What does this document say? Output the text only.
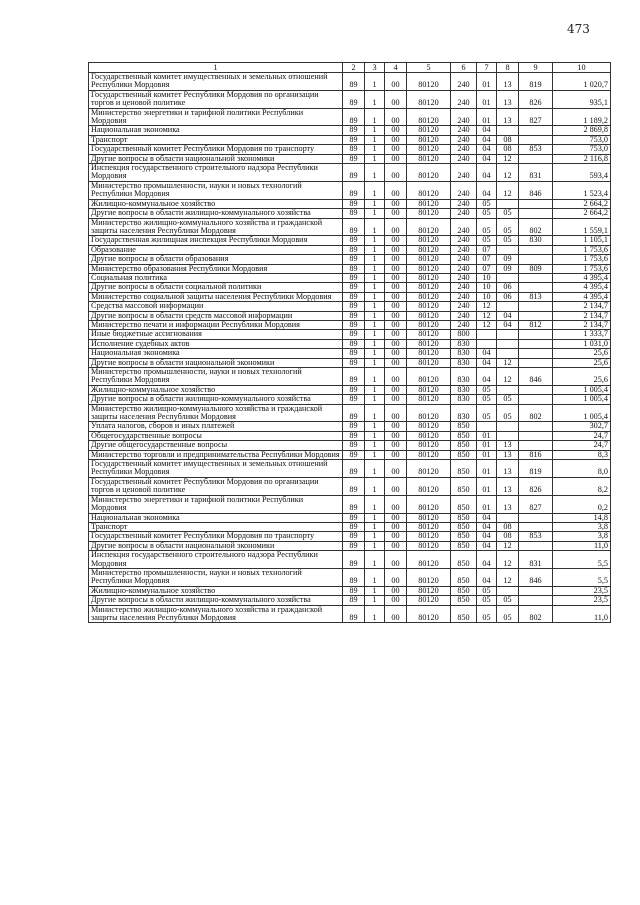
473
1	2	3	4	5	6	7	8	9	10
Государственный комитет имущественных и земельных отношений Республики Мордовия	89	1	00	80120	240	01	13	819	1 020,7
Государственный комитет Республики Мордовия по организации торгов и ценовой политике	89	1	00	80120	240	01	13	826	935,1
Министерство энергетики и тарифной политики Республики Мордовия	89	1	00	80120	240	01	13	827	1 189,2
Национальная экономика	89	1	00	80120	240	04			2 869,8
Транспорт	89	1	00	80120	240	04	08		753,0
Государственный комитет Республики Мордовия по транспорту	89	1	00	80120	240	04	08	853	753,0
Другие вопросы в области национальной экономики	89	1	00	80120	240	04	12		2 116,8
Инспекция государственного строительного надзора Республики Мордовия	89	1	00	80120	240	04	12	831	593,4
Министерство промышленности, науки и новых технологий Республики Мордовия	89	1	00	80120	240	04	12	846	1 523,4
Жилищно-коммунальное хозяйство	89	1	00	80120	240	05			2 664,2
Другие вопросы в области жилищно-коммунального хозяйства	89	1	00	80120	240	05	05		2 664,2
Министерство жилищно-коммунального хозяйства и гражданской защиты населения Республики Мордовия	89	1	00	80120	240	05	05	802	1 559,1
Государственная жилищная инспекция Республики Мордовия	89	1	00	80120	240	05	05	830	1 105,1
Образование	89	1	00	80120	240	07			1 753,6
Другие вопросы в области образования	89	1	00	80120	240	07	09		1 753,6
Министерство образования Республики Мордовия	89	1	00	80120	240	07	09	809	1 753,6
Социальная политика	89	1	00	80120	240	10			4 395,4
Другие вопросы в области социальной политики	89	1	00	80120	240	10	06		4 395,4
Министерство социальной защиты населения Республики Мордовия	89	1	00	80120	240	10	06	813	4 395,4
Средства массовой информации	89	1	00	80120	240	12			2 134,7
Другие вопросы в области средств массовой информации	89	1	00	80120	240	12	04		2 134,7
Министерство печати и информации Республики Мордовия	89	1	00	80120	240	12	04	812	2 134,7
Иные бюджетные ассигнования	89	1	00	80120	800				1 333,7
Исполнение судебных актов	89	1	00	80120	830				1 031,0
Национальная экономика	89	1	00	80120	830	04			25,6
Другие вопросы в области национальной экономики	89	1	00	80120	830	04	12		25,6
Министерство промышленности, науки и новых технологий Республики Мордовия	89	1	00	80120	830	04	12	846	25,6
Жилищно-коммунальное хозяйство	89	1	00	80120	830	05			1 005,4
Другие вопросы в области жилищно-коммунального хозяйства	89	1	00	80120	830	05	05		1 005,4
Министерство жилищно-коммунального хозяйства и гражданской защиты населения Республики Мордовия	89	1	00	80120	830	05	05	802	1 005,4
Уплата налогов, сборов и иных платежей	89	1	00	80120	850				302,7
Общегосударственные вопросы	89	1	00	80120	850	01			24,7
Другие общегосударственные вопросы	89	1	00	80120	850	01	13		24,7
Министерство торговли и предпринимательства Республики Мордовия	89	1	00	80120	850	01	13	816	8,3
Государственный комитет имущественных и земельных отношений Республики Мордовия	89	1	00	80120	850	01	13	819	8,0
Государственный комитет Республики Мордовия по организации торгов и ценовой политике	89	1	00	80120	850	01	13	826	8,2
Министерство энергетики и тарифной политики Республики Мордовия	89	1	00	80120	850	01	13	827	0,2
Национальная экономика	89	1	00	80120	850	04			14,8
Транспорт	89	1	00	80120	850	04	08		3,8
Государственный комитет Республики Мордовия по транспорту	89	1	00	80120	850	04	08	853	3,8
Другие вопросы в области национальной экономики	89	1	00	80120	850	04	12		11,0
Инспекция государственного строительного надзора Республики Мордовия	89	1	00	80120	850	04	12	831	5,5
Министерство промышленности, науки и новых технологий Республики Мордовия	89	1	00	80120	850	04	12	846	5,5
Жилищно-коммунальное хозяйство	89	1	00	80120	850	05			23,5
Другие вопросы в области жилищно-коммунального хозяйства	89	1	00	80120	850	05	05		23,5
Министерство жилищно-коммунального хозяйства и гражданской защиты населения Республики Мордовия	89	1	00	80120	850	05	05	802	11,0
